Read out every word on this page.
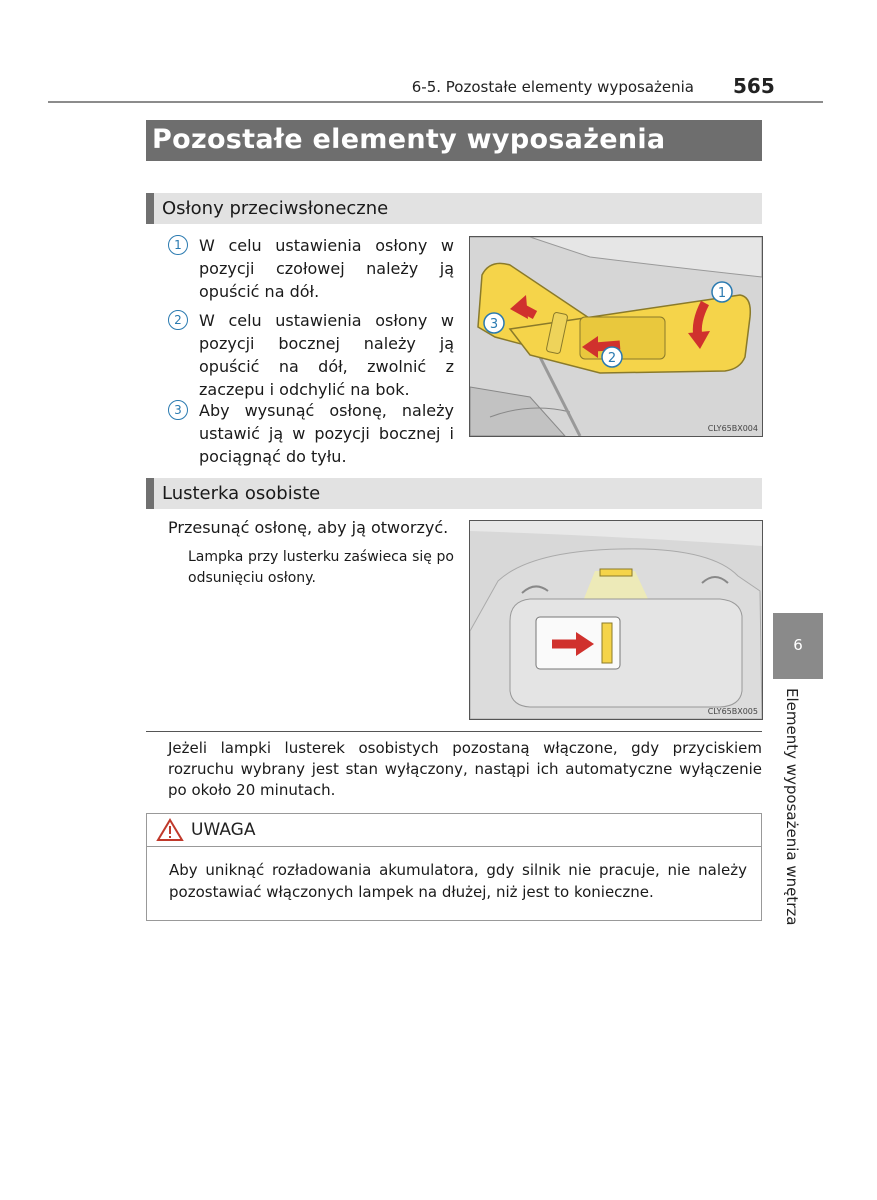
6-5. Pozostałe elementy wyposażenia 565
Pozostałe elementy wyposażenia
Osłony przeciwsłoneczne
1	W celu ustawienia osłony w pozycji czołowej należy ją opuścić na dół.
2	W celu ustawienia osłony w pozycji bocznej należy ją opuścić na dół, zwolnić z zaczepu i odchylić na bok.
3	Aby wysunąć osłonę, należy ustawić ją w pozycji bocznej i pociągnąć do tyłu.
1
2
3
CLY65BX004
Lusterka osobiste
Przesunąć osłonę, aby ją otworzyć.
Lampka przy lusterku zaświeca się po odsunięciu osłony.
CLY65BX005
Jeżeli lampki lusterek osobistych pozostaną włączone, gdy przyciskiem rozruchu wybrany jest stan wyłączony, nastąpi ich automatyczne wyłączenie po około 20 minutach.
UWAGA
Aby uniknąć rozładowania akumulatora, gdy silnik nie pracuje, nie należy pozostawiać włączonych lampek na dłużej, niż jest to konieczne.
6
Elementy wyposażenia wnętrza
